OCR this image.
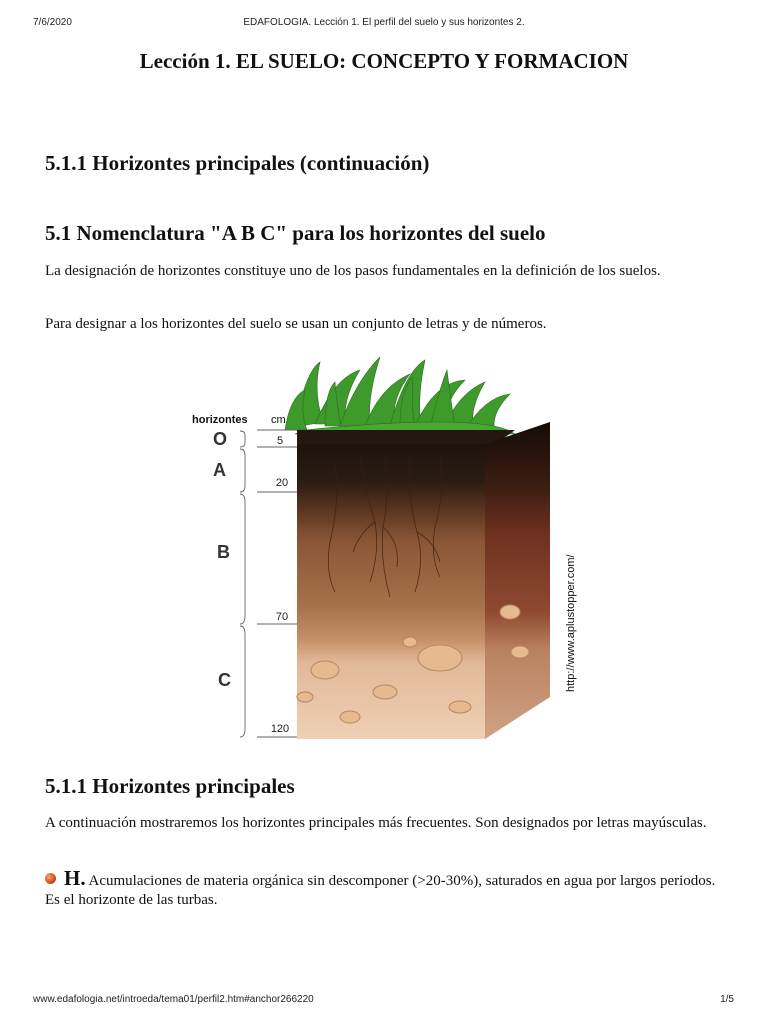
7/6/2020	EDAFOLOGIA. Lección 1. El perfil del suelo y sus horizontes 2.
Lección 1. EL SUELO: CONCEPTO Y FORMACION
5.1.1 Horizontes principales (continuación)
5.1 Nomenclatura "A B C" para los horizontes del suelo

La designación de horizontes constituye uno de los pasos fundamentales en la definición de los suelos.

Para designar a los horizontes del suelo se usan un conjunto de letras y de números.

horizontes cm
O
A
B
C
5
20
70
120
http://www.aplustopper.com/
5.1.1 Horizontes principales

A continuación mostraremos los horizontes principales más frecuentes. Son designados por letras mayúsculas.

H. Acumulaciones de materia orgánica sin descomponer (>20-30%), saturados en agua por largos periodos. Es el horizonte de las turbas.

www.edafologia.net/introeda/tema01/perfil2.htm#anchor266220	1/5
